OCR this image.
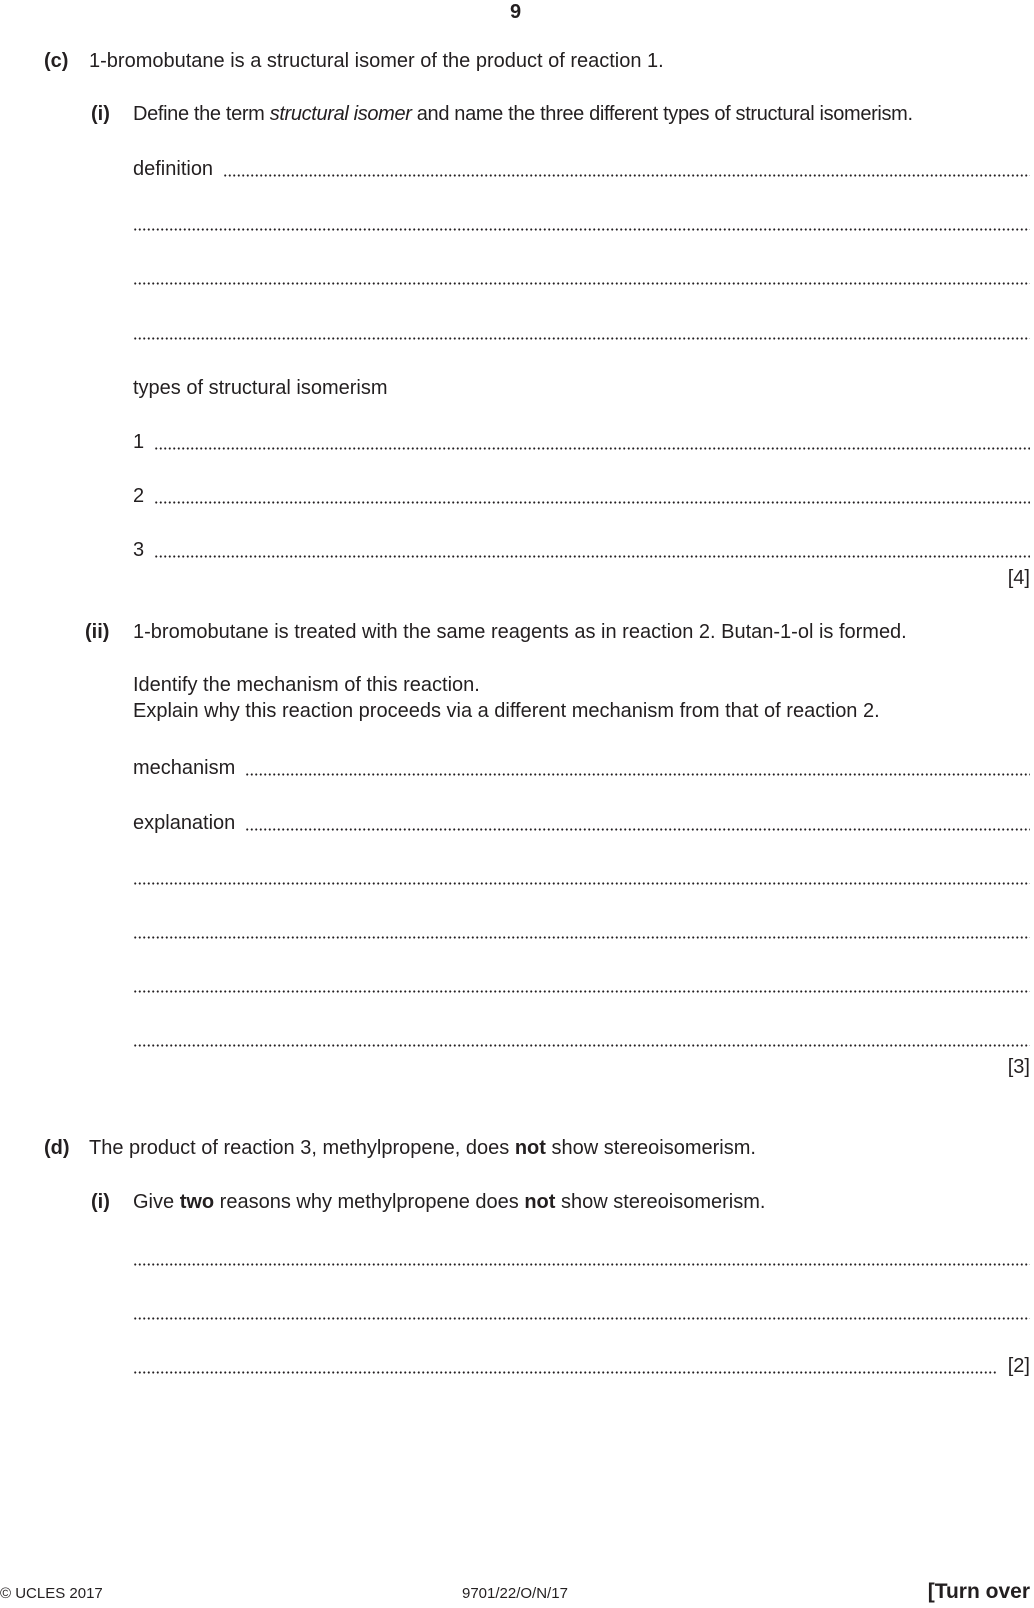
9
(c) 1-bromobutane is a structural isomer of the product of reaction 1.
(i) Define the term structural isomer and name the three different types of structural isomerism.
definition
types of structural isomerism
1
2
3
[4]
(ii) 1-bromobutane is treated with the same reagents as in reaction 2. Butan-1-ol is formed.
Identify the mechanism of this reaction.
Explain why this reaction proceeds via a different mechanism from that of reaction 2.
mechanism
explanation
[3]
(d) The product of reaction 3, methylpropene, does not show stereoisomerism.
(i) Give two reasons why methylpropene does not show stereoisomerism.
[2]
© UCLES 2017	9701/22/O/N/17	[Turn over
